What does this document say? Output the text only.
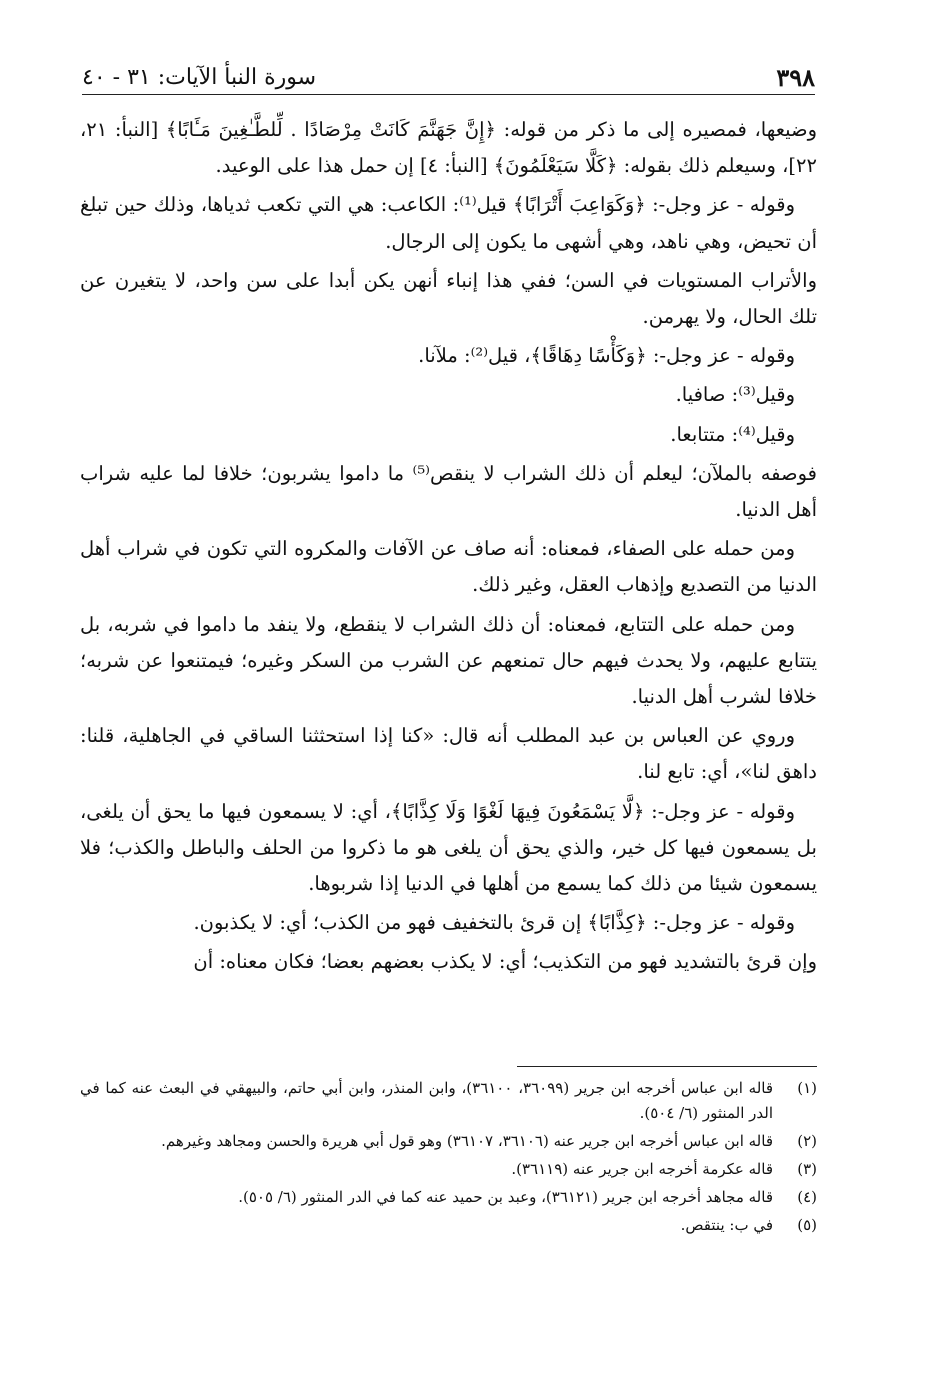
٣٩٨
سورة النبأ الآيات: ٣١ - ٤٠

وضيعها، فمصيره إلى ما ذكر من قوله: ﴿إِنَّ جَهَنَّمَ كَانَتْ مِرْصَادًا . لِّلطَّـٰغِينَ مَـَٔابًا﴾ [النبأ: ٢١، ٢٢]، وسيعلم ذلك بقوله: ﴿كَلَّا سَيَعْلَمُونَ﴾ [النبأ: ٤] إن حمل هذا على الوعيد.

وقوله - عز وجل-: ﴿وَكَوَاعِبَ أَتْرَابًا﴾ قيل⁽¹⁾: الكاعب: هي التي تكعب ثدياها، وذلك حين تبلغ أن تحيض، وهي ناهد، وهي أشهى ما يكون إلى الرجال.

والأتراب المستويات في السن؛ ففي هذا إنباء أنهن يكن أبدا على سن واحد، لا يتغيرن عن تلك الحال، ولا يهرمن.

وقوله - عز وجل-: ﴿وَكَأْسًا دِهَاقًا﴾، قيل⁽²⁾: ملآنا.

وقيل⁽³⁾: صافيا.

وقيل⁽⁴⁾: متتابعا.

فوصفه بالملآن؛ ليعلم أن ذلك الشراب لا ينقص⁽⁵⁾ ما داموا يشربون؛ خلافا لما عليه شراب أهل الدنيا.

ومن حمله على الصفاء، فمعناه: أنه صاف عن الآفات والمكروه التي تكون في شراب أهل الدنيا من التصديع وإذهاب العقل، وغير ذلك.

ومن حمله على التتابع، فمعناه: أن ذلك الشراب لا ينقطع، ولا ينفد ما داموا في شربه، بل يتتابع عليهم، ولا يحدث فيهم حال تمنعهم عن الشرب من السكر وغيره؛ فيمتنعوا عن شربه؛ خلافا لشرب أهل الدنيا.

وروي عن العباس بن عبد المطلب أنه قال: «كنا إذا استحثثنا الساقي في الجاهلية، قلنا: داهق لنا»، أي: تابع لنا.

وقوله - عز وجل-: ﴿لَّا يَسْمَعُونَ فِيهَا لَغْوًا وَلَا كِذَّابًا﴾، أي: لا يسمعون فيها ما يحق أن يلغى، بل يسمعون فيها كل خير، والذي يحق أن يلغى هو ما ذكروا من الحلف والباطل والكذب؛ فلا يسمعون شيئا من ذلك كما يسمع من أهلها في الدنيا إذا شربوها.

وقوله - عز وجل-: ﴿كِذَّابًا﴾ إن قرئ بالتخفيف فهو من الكذب؛ أي: لا يكذبون.

وإن قرئ بالتشديد فهو من التكذيب؛ أي: لا يكذب بعضهم بعضا؛ فكان معناه: أن

(١)
قاله ابن عباس أخرجه ابن جرير (٣٦٠٩٩، ٣٦١٠٠)، وابن المنذر، وابن أبي حاتم، والبيهقي في البعث عنه كما في الدر المنثور (٦/ ٥٠٤).
(٢)
قاله ابن عباس أخرجه ابن جرير عنه (٣٦١٠٦، ٣٦١٠٧) وهو قول أبي هريرة والحسن ومجاهد وغيرهم.
(٣)
قاله عكرمة أخرجه ابن جرير عنه (٣٦١١٩).
(٤)
قاله مجاهد أخرجه ابن جرير (٣٦١٢١)، وعبد بن حميد عنه كما في الدر المنثور (٦/ ٥٠٥).
(٥)
في ب: ينتقص.
